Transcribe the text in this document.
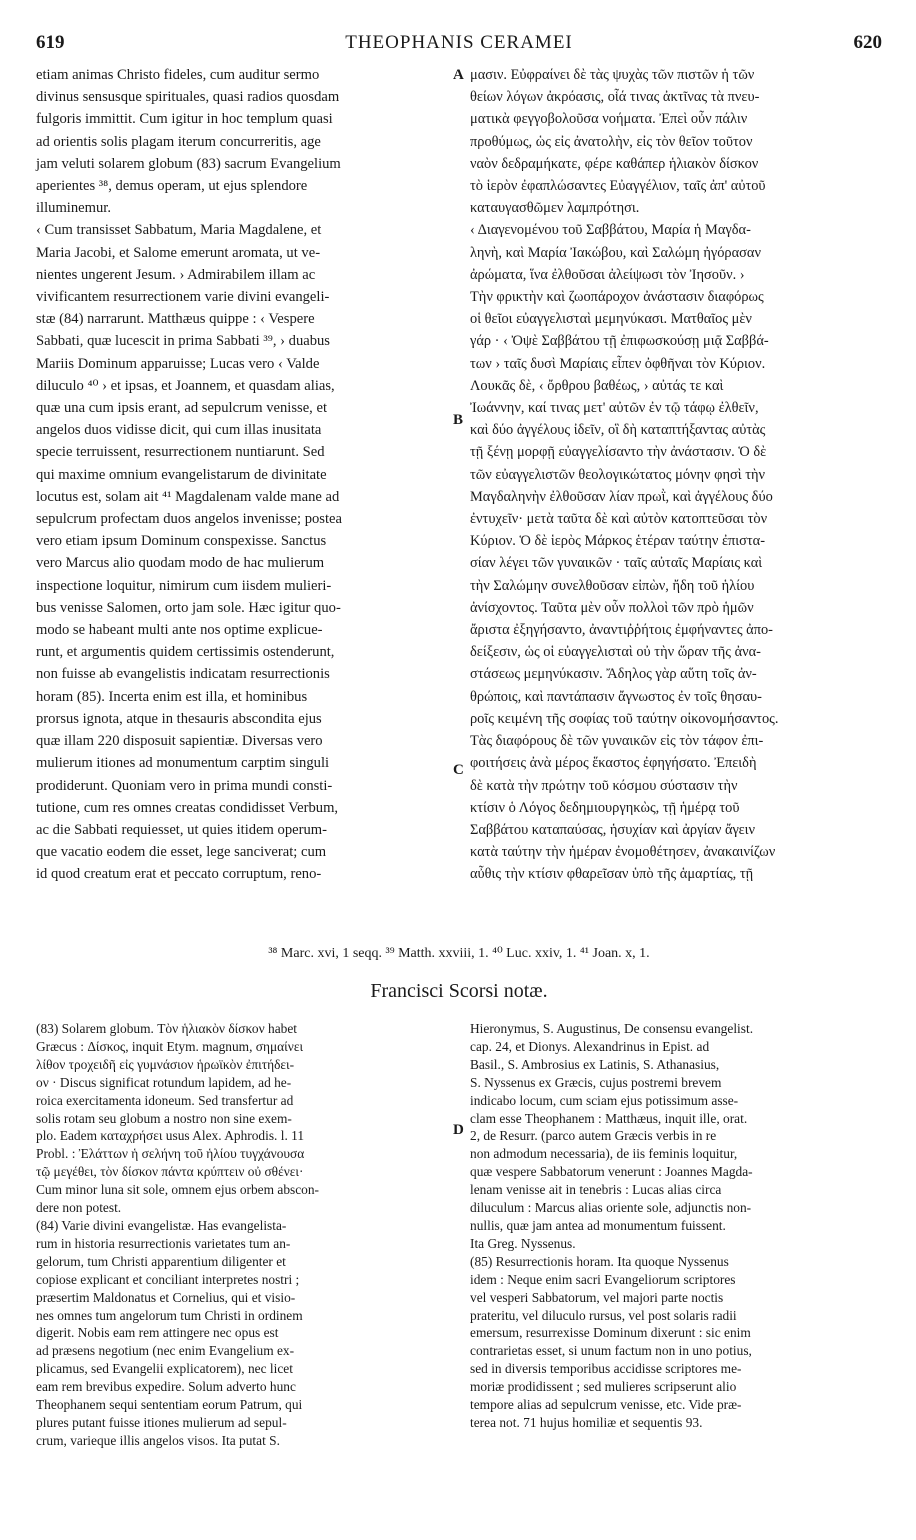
619	THEOPHANIS CERAMEI	620
etiam animas Christo fideles, cum auditur sermo
divinus sensusque spirituales, quasi radios quosdam
fulgoris immittit. Cum igitur in hoc templum quasi
ad orientis solis plagam iterum concurreritis, age
jam veluti solarem globum (83) sacrum Evangelium
aperientes ³⁸, demus operam, ut ejus splendore
illuminemur.
‹ Cum transisset Sabbatum, Maria Magdalene, et
Maria Jacobi, et Salome emerunt aromata, ut ve-
nientes ungerent Jesum. › Admirabilem illam ac
vivificantem resurrectionem varie divini evangeli-
stæ (84) narrarunt. Matthæus quippe : ‹ Vespere
Sabbati, quæ lucescit in prima Sabbati ³⁹, › duabus
Mariis Dominum apparuisse; Lucas vero ‹ Valde
diluculo ⁴⁰ › et ipsas, et Joannem, et quasdam alias,
quæ una cum ipsis erant, ad sepulcrum venisse, et
angelos duos vidisse dicit, qui cum illas inusitata
specie terruissent, resurrectionem nuntiarunt. Sed
qui maxime omnium evangelistarum de divinitate
locutus est, solam ait ⁴¹ Magdalenam valde mane ad
sepulcrum profectam duos angelos invenisse; postea
vero etiam ipsum Dominum conspexisse. Sanctus
vero Marcus alio quodam modo de hac mulierum
inspectione loquitur, nimirum cum iisdem mulieri-
bus venisse Salomen, orto jam sole. Hæc igitur quo-
modo se habeant multi ante nos optime explicue-
runt, et argumentis quidem certissimis ostenderunt,
non fuisse ab evangelistis indicatam resurrectionis
horam (85). Incerta enim est illa, et hominibus
prorsus ignota, atque in thesauris abscondita ejus
quæ illam 220 disposuit sapientiæ. Diversas vero
mulierum itiones ad monumentum carptim singuli
prodiderunt. Quoniam vero in prima mundi consti-
tutione, cum res omnes creatas condidisset Verbum,
ac die Sabbati requiesset, ut quies itidem operum-
que vacatio eodem die esset, lege sanciverat; cum
id quod creatum erat et peccato corruptum, reno-
A
B
C
D
μασιν. Εὐφραίνει δὲ τὰς ψυχὰς τῶν πιστῶν ἡ τῶν
θείων λόγων ἀκρόασις, οἷά τινας ἀκτῖνας τὰ πνευ-
ματικὰ φεγγοβολοῦσα νοήματα. Ἐπεὶ οὖν πάλιν
προθύμως, ὡς εἰς ἀνατολὴν, εἰς τὸν θεῖον τοῦτον
ναὸν δεδραμήκατε, φέρε καθάπερ ἡλιακὸν δίσκον
τὸ ἱερὸν ἐφαπλώσαντες Εὐαγγέλιον, ταῖς ἀπ' αὐτοῦ
καταυγασθῶμεν λαμπρότησι.
‹ Διαγενομένου τοῦ Σαββάτου, Μαρία ἡ Μαγδα-
ληνὴ, καὶ Μαρία Ἰακώβου, καὶ Σαλώμη ἠγόρασαν
ἀρώματα, ἵνα ἐλθοῦσαι ἀλείψωσι τὸν Ἰησοῦν. ›
Τὴν φρικτὴν καὶ ζωοπάροχον ἀνάστασιν διαφόρως
οἱ θεῖοι εὐαγγελισταὶ μεμηνύκασι. Ματθαῖος μὲν
γάρ · ‹ Ὀψὲ Σαββάτου τῇ ἐπιφωσκούσῃ μιᾷ Σαββά-
των › ταῖς δυσὶ Μαρίαις εἶπεν ὀφθῆναι τὸν Κύριον.
Λουκᾶς δὲ, ‹ ὄρθρου βαθέως, › αὐτάς τε καὶ
Ἰωάννην, καί τινας μετ' αὐτῶν ἐν τῷ τάφῳ ἐλθεῖν,
καὶ δύο ἀγγέλους ἰδεῖν, οἳ δὴ καταπτήξαντας αὐτὰς
τῇ ξένῃ μορφῇ εὐαγγελίσαντο τὴν ἀνάστασιν. Ὁ δὲ
τῶν εὐαγγελιστῶν θεολογικώτατος μόνην φησὶ τὴν
Μαγδαληνὴν ἐλθοῦσαν λίαν πρωῒ, καὶ ἀγγέλους δύο
ἐντυχεῖν· μετὰ ταῦτα δὲ καὶ αὐτὸν κατοπτεῦσαι τὸν
Κύριον. Ὁ δὲ ἱερὸς Μάρκος ἑτέραν ταύτην ἐπιστα-
σίαν λέγει τῶν γυναικῶν · ταῖς αὐταῖς Μαρίαις καὶ
τὴν Σαλώμην συνελθοῦσαν εἰπὼν, ἤδη τοῦ ἡλίου
ἀνίσχοντος. Ταῦτα μὲν οὖν πολλοὶ τῶν πρὸ ἡμῶν
ἄριστα ἐξηγήσαντο, ἀναντιῤῥήτοις ἐμφήναντες ἀπο-
δείξεσιν, ὡς οἱ εὐαγγελισταὶ οὐ τὴν ὥραν τῆς ἀνα-
στάσεως μεμηνύκασιν. Ἄδηλος γὰρ αὕτη τοῖς ἀν-
θρώποις, καὶ παντάπασιν ἄγνωστος ἐν τοῖς θησαυ-
ροῖς κειμένη τῆς σοφίας τοῦ ταύτην οἰκονομήσαντος.
Τὰς διαφόρους δὲ τῶν γυναικῶν εἰς τὸν τάφον ἐπι-
φοιτήσεις ἀνὰ μέρος ἕκαστος ἐφηγήσατο. Ἐπειδὴ
δὲ κατὰ τὴν πρώτην τοῦ κόσμου σύστασιν τὴν
κτίσιν ὁ Λόγος δεδημιουργηκὼς, τῇ ἡμέρᾳ τοῦ
Σαββάτου καταπαύσας, ἡσυχίαν καὶ ἀργίαν ἄγειν
κατὰ ταύτην τὴν ἡμέραν ἐνομοθέτησεν, ἀνακαινίζων
αὖθις τὴν κτίσιν φθαρεῖσαν ὑπὸ τῆς ἁμαρτίας, τῇ
³⁸ Marc. xvi, 1 seqq. ³⁹ Matth. xxviii, 1. ⁴⁰ Luc. xxiv, 1. ⁴¹ Joan. x, 1.
Francisci Scorsi notæ.
(83) Solarem globum. Τὸν ἡλιακὸν δίσκον habet
Græcus : Δίσκος, inquit Etym. magnum, σημαίνει
λίθον τροχειδῆ εἰς γυμνάσιον ἡρωϊκὸν ἐπιτήδει-
ον · Discus significat rotundum lapidem, ad he-
roica exercitamenta idoneum. Sed transfertur ad
solis rotam seu globum a nostro non sine exem-
plo. Eadem καταχρήσει usus Alex. Aphrodis. l. 11
Probl. : Ἐλάττων ἡ σελήνη τοῦ ἡλίου τυγχάνουσα
τῷ μεγέθει, τὸν δίσκον πάντα κρύπτειν οὐ σθένει·
Cum minor luna sit sole, omnem ejus orbem abscon-
dere non potest.
(84) Varie divini evangelistæ. Has evangelista-
rum in historia resurrectionis varietates tum an-
gelorum, tum Christi apparentium diligenter et
copiose explicant et conciliant interpretes nostri ;
præsertim Maldonatus et Cornelius, qui et visio-
nes omnes tum angelorum tum Christi in ordinem
digerit. Nobis eam rem attingere nec opus est
ad præsens negotium (nec enim Evangelium ex-
plicamus, sed Evangelii explicatorem), nec licet
eam rem brevibus expedire. Solum adverto hunc
Theophanem sequi sententiam eorum Patrum, qui
plures putant fuisse itiones mulierum ad sepul-
crum, varieque illis angelos visos. Ita putat S.
Hieronymus, S. Augustinus, De consensu evangelist.
cap. 24, et Dionys. Alexandrinus in Epist. ad
Basil., S. Ambrosius ex Latinis, S. Athanasius,
S. Nyssenus ex Græcis, cujus postremi brevem
indicabo locum, cum sciam ejus potissimum asse-
clam esse Theophanem : Matthæus, inquit ille, orat.
2, de Resurr. (parco autem Græcis verbis in re
non admodum necessaria), de iis feminis loquitur,
quæ vespere Sabbatorum venerunt : Joannes Magda-
lenam venisse ait in tenebris : Lucas alias circa
diluculum : Marcus alias oriente sole, adjunctis non-
nullis, quæ jam antea ad monumentum fuissent.
Ita Greg. Nyssenus.
(85) Resurrectionis horam. Ita quoque Nyssenus
idem : Neque enim sacri Evangeliorum scriptores
vel vesperi Sabbatorum, vel majori parte noctis
prateritu, vel diluculo rursus, vel post solaris radii
emersum, resurrexisse Dominum dixerunt : sic enim
contrarietas esset, si unum factum non in uno potius,
sed in diversis temporibus accidisse scriptores me-
moriæ prodidissent ; sed mulieres scripserunt alio
tempore alias ad sepulcrum venisse, etc. Vide præ-
terea not. 71 hujus homiliæ et sequentis 93.
